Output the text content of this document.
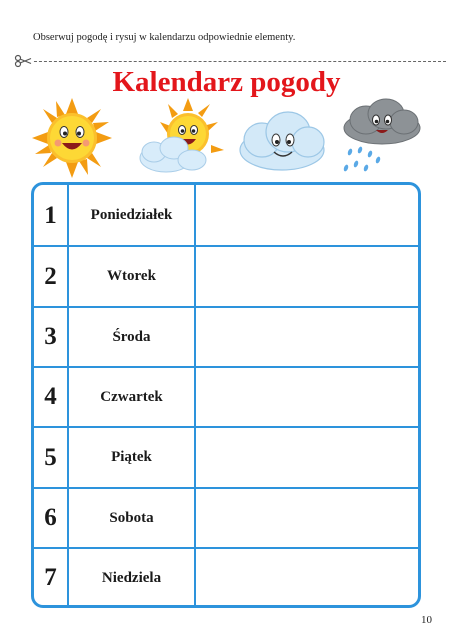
Obserwuj pogodę i rysuj w kalendarzu odpowiednie elementy.
Kalendarz pogody
1	Poniedziałek
2	Wtorek
3	Środa
4	Czwartek
5	Piątek
6	Sobota
7	Niedziela
10
